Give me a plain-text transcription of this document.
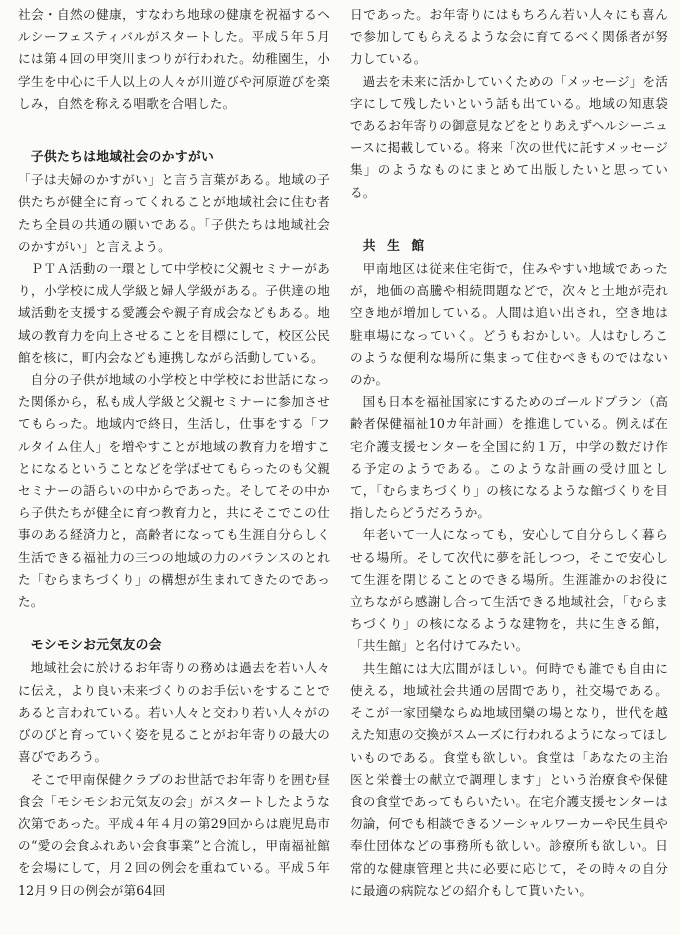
社会・自然の健康，すなわち地球の健康を祝福するヘルシーフェスティバルがスタートした。平成５年５月には第４回の甲突川まつりが行われた。幼稚園生，小学生を中心に千人以上の人々が川遊びや河原遊びを楽しみ，自然を称える唱歌を合唱した。

子供たちは地域社会のかすがい

「子は夫婦のかすがい」と言う言葉がある。地域の子供たちが健全に育ってくれることが地域社会に住む者たち全員の共通の願いである。「子供たちは地域社会のかすがい」と言えよう。

ＰＴＡ活動の一環として中学校に父親セミナーがあり，小学校に成人学級と婦人学級がある。子供達の地域活動を支援する愛護会や親子育成会などもある。地域の教育力を向上させることを目標にして，校区公民館を核に，町内会なども連携しながら活動している。

自分の子供が地域の小学校と中学校にお世話になった関係から，私も成人学級と父親セミナーに参加させてもらった。地域内で終日，生活し，仕事をする「フルタイム住人」を増やすことが地域の教育力を増すことになるということなどを学ばせてもらったのも父親セミナーの語らいの中からであった。そしてその中から子供たちが健全に育つ教育力と，共にそこでこの仕事のある経済力と，高齢者になっても生涯自分らしく生活できる福祉力の三つの地域の力のバランスのとれた「むらまちづくり」の構想が生まれてきたのであった。

モシモシお元気友の会

地域社会に於けるお年寄りの務めは過去を若い人々に伝え，より良い未来づくりのお手伝いをすることであると言われている。若い人々と交わり若い人々がのびのびと育っていく姿を見ることがお年寄りの最大の喜びであろう。

そこで甲南保健クラブのお世話でお年寄りを囲む昼食会「モシモシお元気友の会」がスタートしたような次第であった。平成４年４月の第29回からは鹿児島市の“愛の会食ふれあい会食事業”と合流し，甲南福祉館を会場にして，月２回の例会を重ねている。平成５年12月９日の例会が第64回

日であった。お年寄りにはもちろん若い人々にも喜んで参加してもらえるような会に育てるべく関係者が努力している。

過去を未来に活かしていくための「メッセージ」を活字にして残したいという話も出ている。地域の知恵袋であるお年寄りの御意見などをとりあえずヘルシーニュースに掲載している。将来「次の世代に託すメッセージ集」のようなものにまとめて出版したいと思っている。

共生館

甲南地区は従来住宅街で，住みやすい地域であったが，地価の高騰や相続問題などで，次々と土地が売れ空き地が増加している。人間は追い出され，空き地は駐車場になっていく。どうもおかしい。人はむしろこのような便利な場所に集まって住むべきものではないのか。

国も日本を福祉国家にするためのゴールドプラン（高齢者保健福祉10カ年計画）を推進している。例えば在宅介護支援センターを全国に約１万，中学の数だけ作る予定のようである。このような計画の受け皿として，「むらまちづくり」の核になるような館づくりを目指したらどうだろうか。

年老いて一人になっても，安心して自分らしく暮らせる場所。そして次代に夢を託しつつ，そこで安心して生涯を閉じることのできる場所。生涯誰かのお役に立ちながら感謝し合って生活できる地域社会，「むらまちづくり」の核になるような建物を，共に生きる館，「共生館」と名付けてみたい。

共生館には大広間がほしい。何時でも誰でも自由に使える，地域社会共通の居間であり，社交場である。そこが一家団欒ならぬ地域団欒の場となり，世代を越えた知恵の交換がスムーズに行われるようになってほしいものである。食堂も欲しい。食堂は「あなたの主治医と栄養士の献立で調理します」という治療食や保健食の食堂であってもらいたい。在宅介護支援センターは勿論，何でも相談できるソーシャルワーカーや民生員や奉仕団体などの事務所も欲しい。診療所も欲しい。日常的な健康管理と共に必要に応じて，その時々の自分に最適の病院などの紹介もして貰いたい。
